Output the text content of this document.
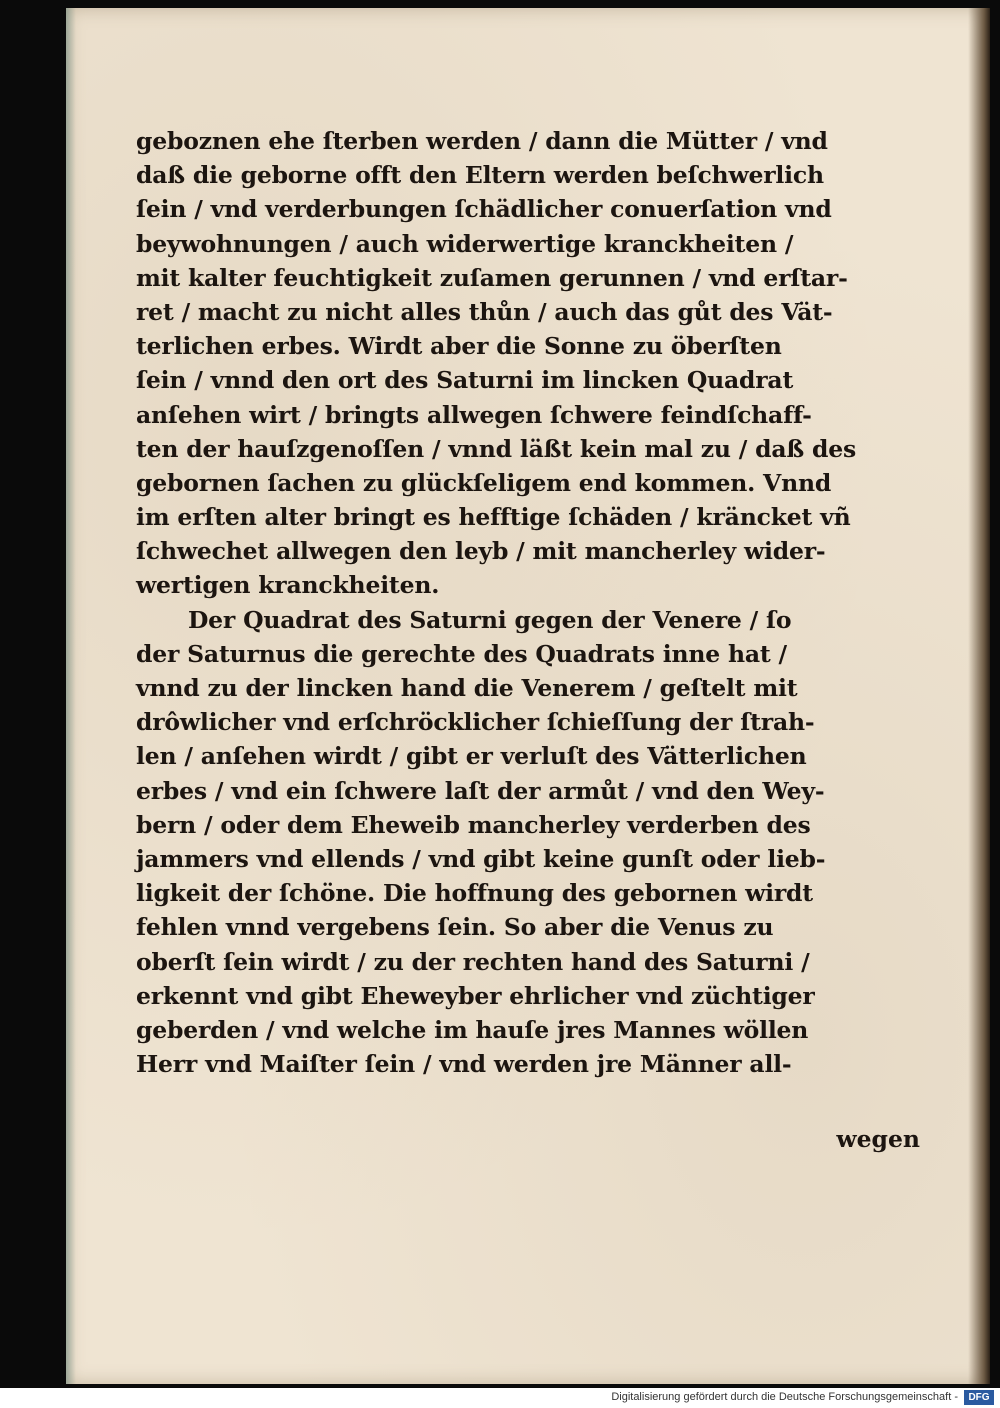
geboznen ehe ſterben werden / dann die Mütter / vnd
daß die geborne offt den Eltern werden beſchwerlich
ſein / vnd verderbungen ſchädlicher conuerſation vnd
beywohnungen / auch widerwertige kranckheiten /
mit kalter feuchtigkeit zuſamen gerunnen / vnd erſtar-
ret / macht zu nicht alles thůn / auch das gůt des Vät-
terlichen erbes. Wirdt aber die Sonne zu öberſten
ſein / vnnd den ort des Saturni im lincken Quadrat
anſehen wirt / bringts allwegen ſchwere feindſchaff-
ten der hauſzgenoſſen / vnnd läßt kein mal zu / daß des
gebornen ſachen zu glückſeligem end kommen. Vnnd
im erſten alter bringt es hefftige ſchäden / kräncket vñ
ſchwechet allwegen den leyb / mit mancherley wider-
wertigen kranckheiten.
Der Quadrat des Saturni gegen der Venere / ſo
der Saturnus die gerechte des Quadrats inne hat /
vnnd zu der lincken hand die Venerem / geſtelt mit
drôwlicher vnd erſchröcklicher ſchieſſung der ſtrah-
len / anſehen wirdt / gibt er verluſt des Vätterlichen
erbes / vnd ein ſchwere laſt der armůt / vnd den Wey-
bern / oder dem Eheweib mancherley verderben des
jammers vnd ellends / vnd gibt keine gunſt oder lieb-
ligkeit der ſchöne. Die hoffnung des gebornen wirdt
fehlen vnnd vergebens ſein. So aber die Venus zu
oberſt ſein wirdt / zu der rechten hand des Saturni /
erkennt vnd gibt Eheweyber ehrlicher vnd züchtiger
geberden / vnd welche im hauſe jres Mannes wöllen
Herr vnd Maiſter ſein / vnd werden jre Männer all-
wegen
Digitalisierung gefördert durch die Deutsche Forschungsgemeinschaft -	DFG
